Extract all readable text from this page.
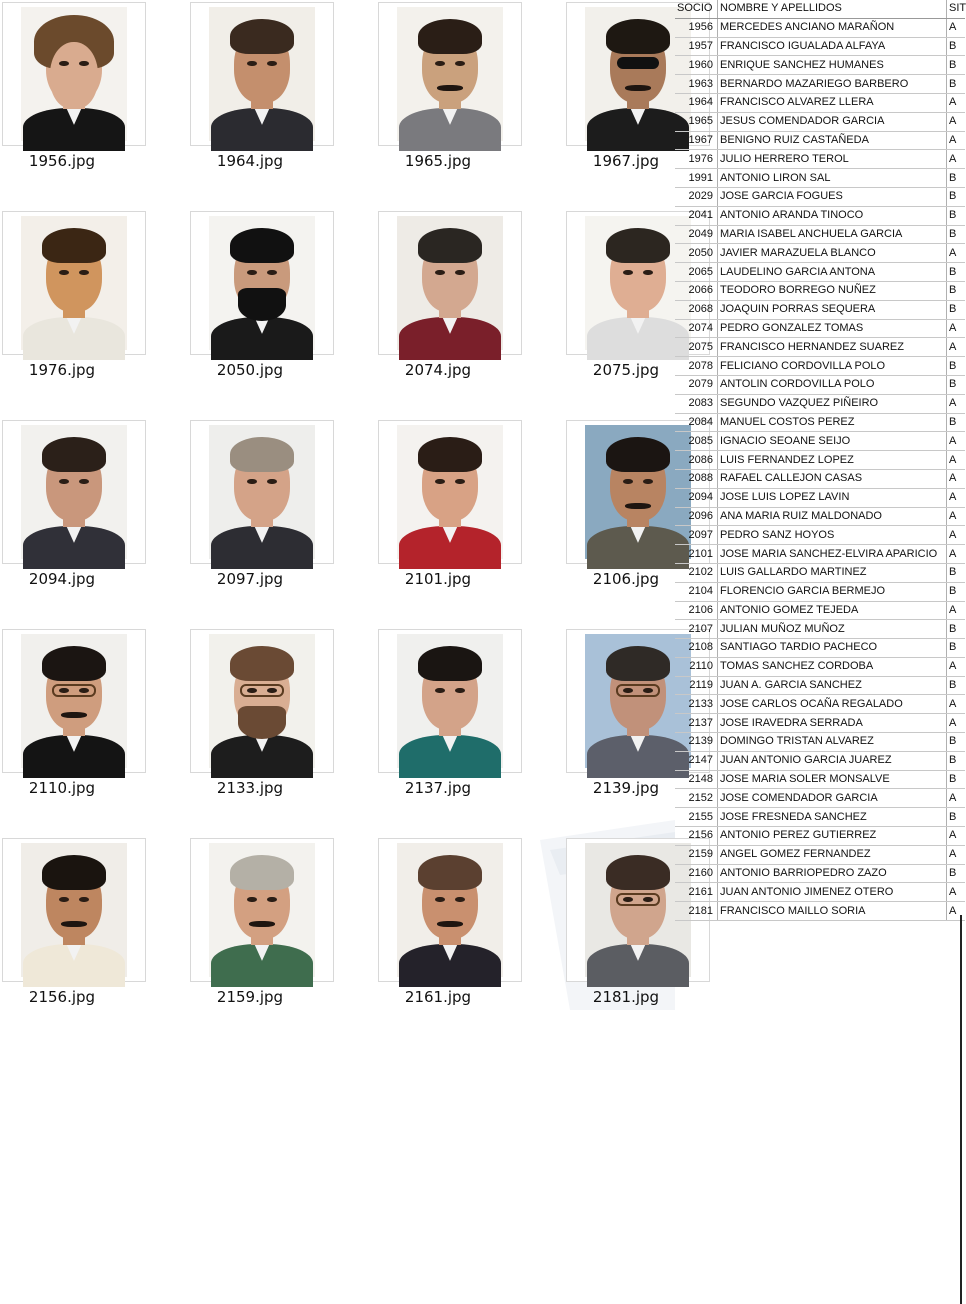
1956.jpg	1964.jpg	1965.jpg	1967.jpg
1976.jpg	2050.jpg	2074.jpg	2075.jpg
2094.jpg	2097.jpg	2101.jpg	2106.jpg
2110.jpg	2133.jpg	2137.jpg	2139.jpg
2156.jpg	2159.jpg	2161.jpg	2181.jpg
SOCIO	NOMBRE Y APELLIDOS	SIT
1956	MERCEDES ANCIANO MARAÑON	A
1957	FRANCISCO IGUALADA ALFAYA	B
1960	ENRIQUE SANCHEZ HUMANES	B
1963	BERNARDO MAZARIEGO BARBERO	B
1964	FRANCISCO ALVAREZ LLERA	A
1965	JESUS COMENDADOR GARCIA	A
1967	BENIGNO RUIZ CASTAÑEDA	A
1976	JULIO HERRERO TEROL	A
1991	ANTONIO LIRON SAL	B
2029	JOSE GARCIA FOGUES	B
2041	ANTONIO ARANDA TINOCO	B
2049	MARIA ISABEL ANCHUELA GARCIA	B
2050	JAVIER MARAZUELA BLANCO	A
2065	LAUDELINO GARCIA ANTONA	B
2066	TEODORO BORREGO NUÑEZ	B
2068	JOAQUIN PORRAS SEQUERA	B
2074	PEDRO GONZALEZ TOMAS	A
2075	FRANCISCO HERNANDEZ SUAREZ	A
2078	FELICIANO CORDOVILLA POLO	B
2079	ANTOLIN CORDOVILLA POLO	B
2083	SEGUNDO VAZQUEZ PIÑEIRO	A
2084	MANUEL COSTOS PEREZ	B
2085	IGNACIO SEOANE SEIJO	A
2086	LUIS FERNANDEZ LOPEZ	A
2088	RAFAEL CALLEJON CASAS	A
2094	JOSE LUIS LOPEZ LAVIN	A
2096	ANA MARIA RUIZ MALDONADO	A
2097	PEDRO SANZ HOYOS	A
2101	JOSE MARIA SANCHEZ-ELVIRA APARICIO	A
2102	LUIS GALLARDO MARTINEZ	B
2104	FLORENCIO GARCIA BERMEJO	B
2106	ANTONIO GOMEZ TEJEDA	A
2107	JULIAN MUÑOZ MUÑOZ	B
2108	SANTIAGO TARDIO PACHECO	B
2110	TOMAS SANCHEZ CORDOBA	A
2119	JUAN A. GARCIA SANCHEZ	B
2133	JOSE CARLOS OCAÑA REGALADO	A
2137	JOSE IRAVEDRA SERRADA	A
2139	DOMINGO TRISTAN ALVAREZ	B
2147	JUAN ANTONIO GARCIA JUAREZ	B
2148	JOSE MARIA SOLER MONSALVE	B
2152	JOSE COMENDADOR GARCIA	A
2155	JOSE FRESNEDA SANCHEZ	B
2156	ANTONIO PEREZ GUTIERREZ	A
2159	ANGEL GOMEZ FERNANDEZ	A
2160	ANTONIO BARRIOPEDRO ZAZO	B
2161	JUAN ANTONIO JIMENEZ OTERO	A
2181	FRANCISCO MAILLO SORIA	A
